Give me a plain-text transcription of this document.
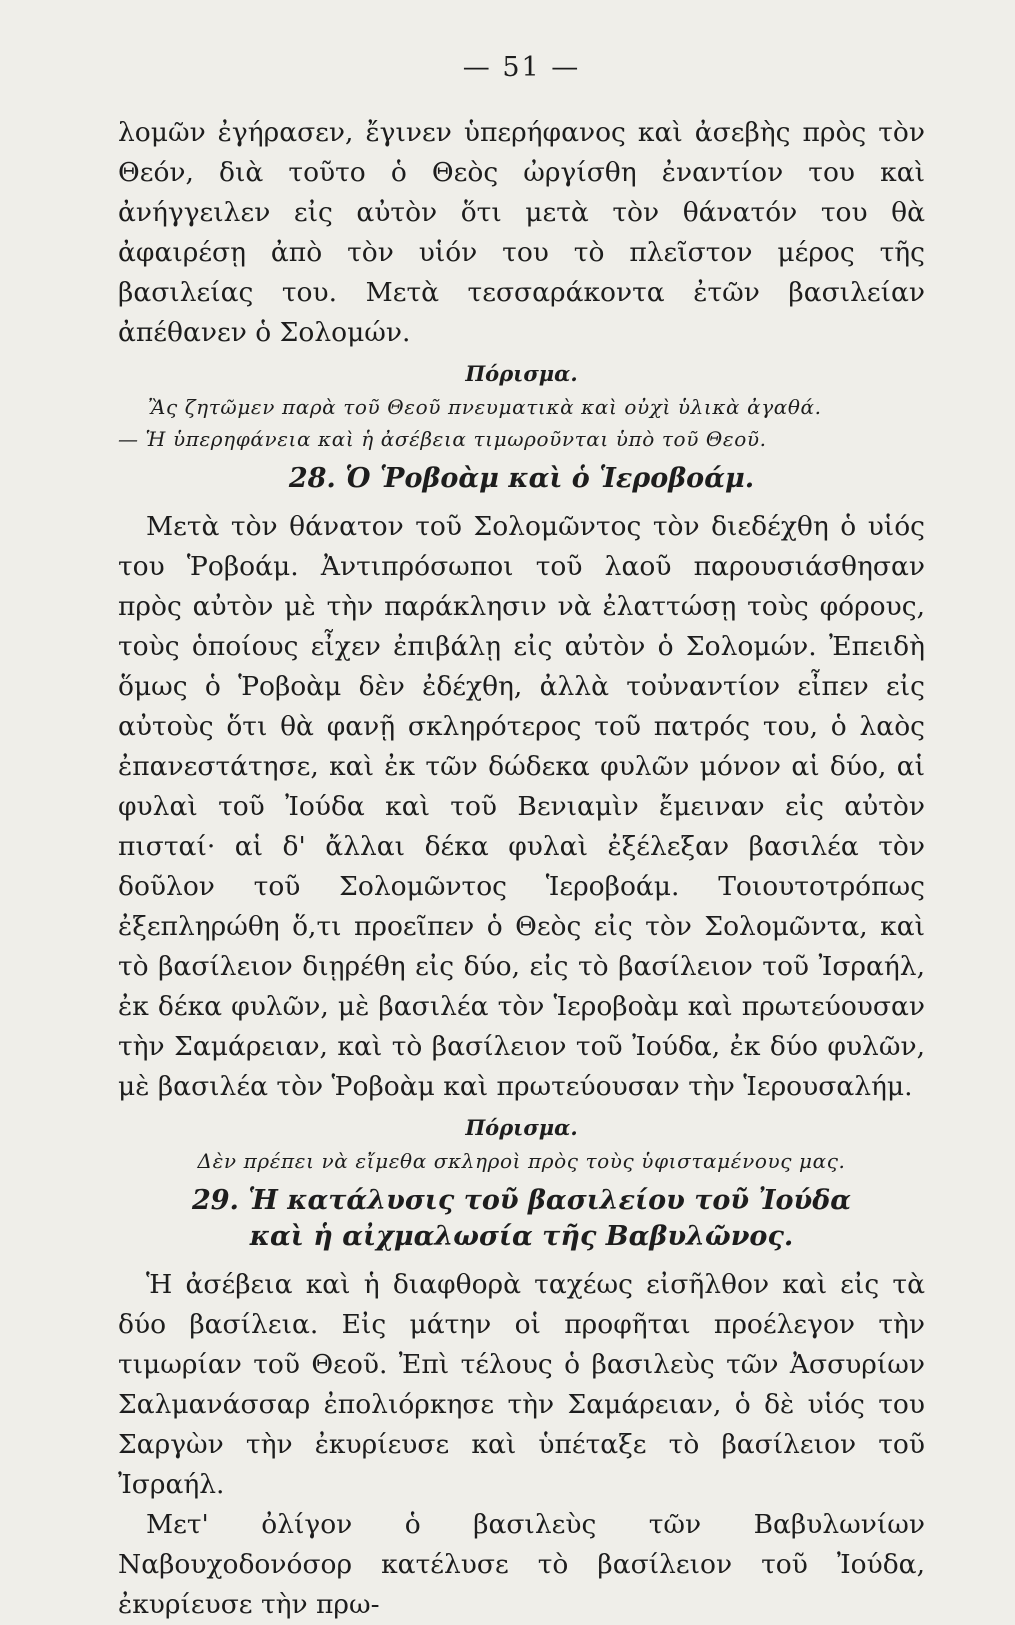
— 51 —

λομῶν ἐγήρασεν, ἔγινεν ὑπερήφανος καὶ ἀσεβὴς πρὸς τὸν Θεόν, διὰ τοῦτο ὁ Θεὸς ὠργίσθη ἐναντίον του καὶ ἀνήγγειλεν εἰς αὐτὸν ὅτι μετὰ τὸν θάνατόν του θὰ ἀφαιρέσῃ ἀπὸ τὸν υἱόν του τὸ πλεῖστον μέρος τῆς βασιλείας του. Μετὰ τεσσαράκοντα ἐτῶν βασιλείαν ἀπέθανεν ὁ Σολομών.

Πόρισμα.

Ἂς ζητῶμεν παρὰ τοῦ Θεοῦ πνευματικὰ καὶ οὐχὶ ὑλικὰ ἀγαθά.

— Ἡ ὑπερηφάνεια καὶ ἡ ἀσέβεια τιμωροῦνται ὑπὸ τοῦ Θεοῦ.

28. Ὁ Ῥοβοὰμ καὶ ὁ Ἱεροβοάμ.

Μετὰ τὸν θάνατον τοῦ Σολομῶντος τὸν διεδέχθη ὁ υἱός του Ῥοβοάμ. Ἀντιπρόσωποι τοῦ λαοῦ παρουσιάσθησαν πρὸς αὐτὸν μὲ τὴν παράκλησιν νὰ ἐλαττώσῃ τοὺς φόρους, τοὺς ὁποίους εἶχεν ἐπιβάλῃ εἰς αὐτὸν ὁ Σολομών. Ἐπειδὴ ὅμως ὁ Ῥοβοὰμ δὲν ἐδέχθη, ἀλλὰ τοὐναντίον εἶπεν εἰς αὐτοὺς ὅτι θὰ φανῇ σκληρότερος τοῦ πατρός του, ὁ λαὸς ἐπανεστάτησε, καὶ ἐκ τῶν δώδεκα φυλῶν μόνον αἱ δύο, αἱ φυλαὶ τοῦ Ἰούδα καὶ τοῦ Βενιαμὶν ἔμειναν εἰς αὐτὸν πισταί· αἱ δ' ἄλλαι δέκα φυλαὶ ἐξέλεξαν βασιλέα τὸν δοῦλον τοῦ Σολομῶντος Ἱεροβοάμ. Τοιουτοτρόπως ἐξεπληρώθη ὅ,τι προεῖπεν ὁ Θεὸς εἰς τὸν Σολομῶντα, καὶ τὸ βασίλειον διῃρέθη εἰς δύο, εἰς τὸ βασίλειον τοῦ Ἰσραήλ, ἐκ δέκα φυλῶν, μὲ βασιλέα τὸν Ἱεροβοὰμ καὶ πρωτεύουσαν τὴν Σαμάρειαν, καὶ τὸ βασίλειον τοῦ Ἰούδα, ἐκ δύο φυλῶν, μὲ βασιλέα τὸν Ῥοβοὰμ καὶ πρωτεύουσαν τὴν Ἱερουσαλήμ.

Πόρισμα.

Δὲν πρέπει νὰ εἴμεθα σκληροὶ πρὸς τοὺς ὑφισταμένους μας.

29. Ἡ κατάλυσις τοῦ βασιλείου τοῦ Ἰούδα
καὶ ἡ αἰχμαλωσία τῆς Βαβυλῶνος.

Ἡ ἀσέβεια καὶ ἡ διαφθορὰ ταχέως εἰσῆλθον καὶ εἰς τὰ δύο βασίλεια. Εἰς μάτην οἱ προφῆται προέλεγον τὴν τιμωρίαν τοῦ Θεοῦ. Ἐπὶ τέλους ὁ βασιλεὺς τῶν Ἀσσυρίων Σαλμανάσσαρ ἐπολιόρκησε τὴν Σαμάρειαν, ὁ δὲ υἱός του Σαργὼν τὴν ἐκυρίευσε καὶ ὑπέταξε τὸ βασίλειον τοῦ Ἰσραήλ.

Μετ' ὀλίγον ὁ βασιλεὺς τῶν Βαβυλωνίων Ναβουχοδονόσορ κατέλυσε τὸ βασίλειον τοῦ Ἰούδα, ἐκυρίευσε τὴν πρω-
